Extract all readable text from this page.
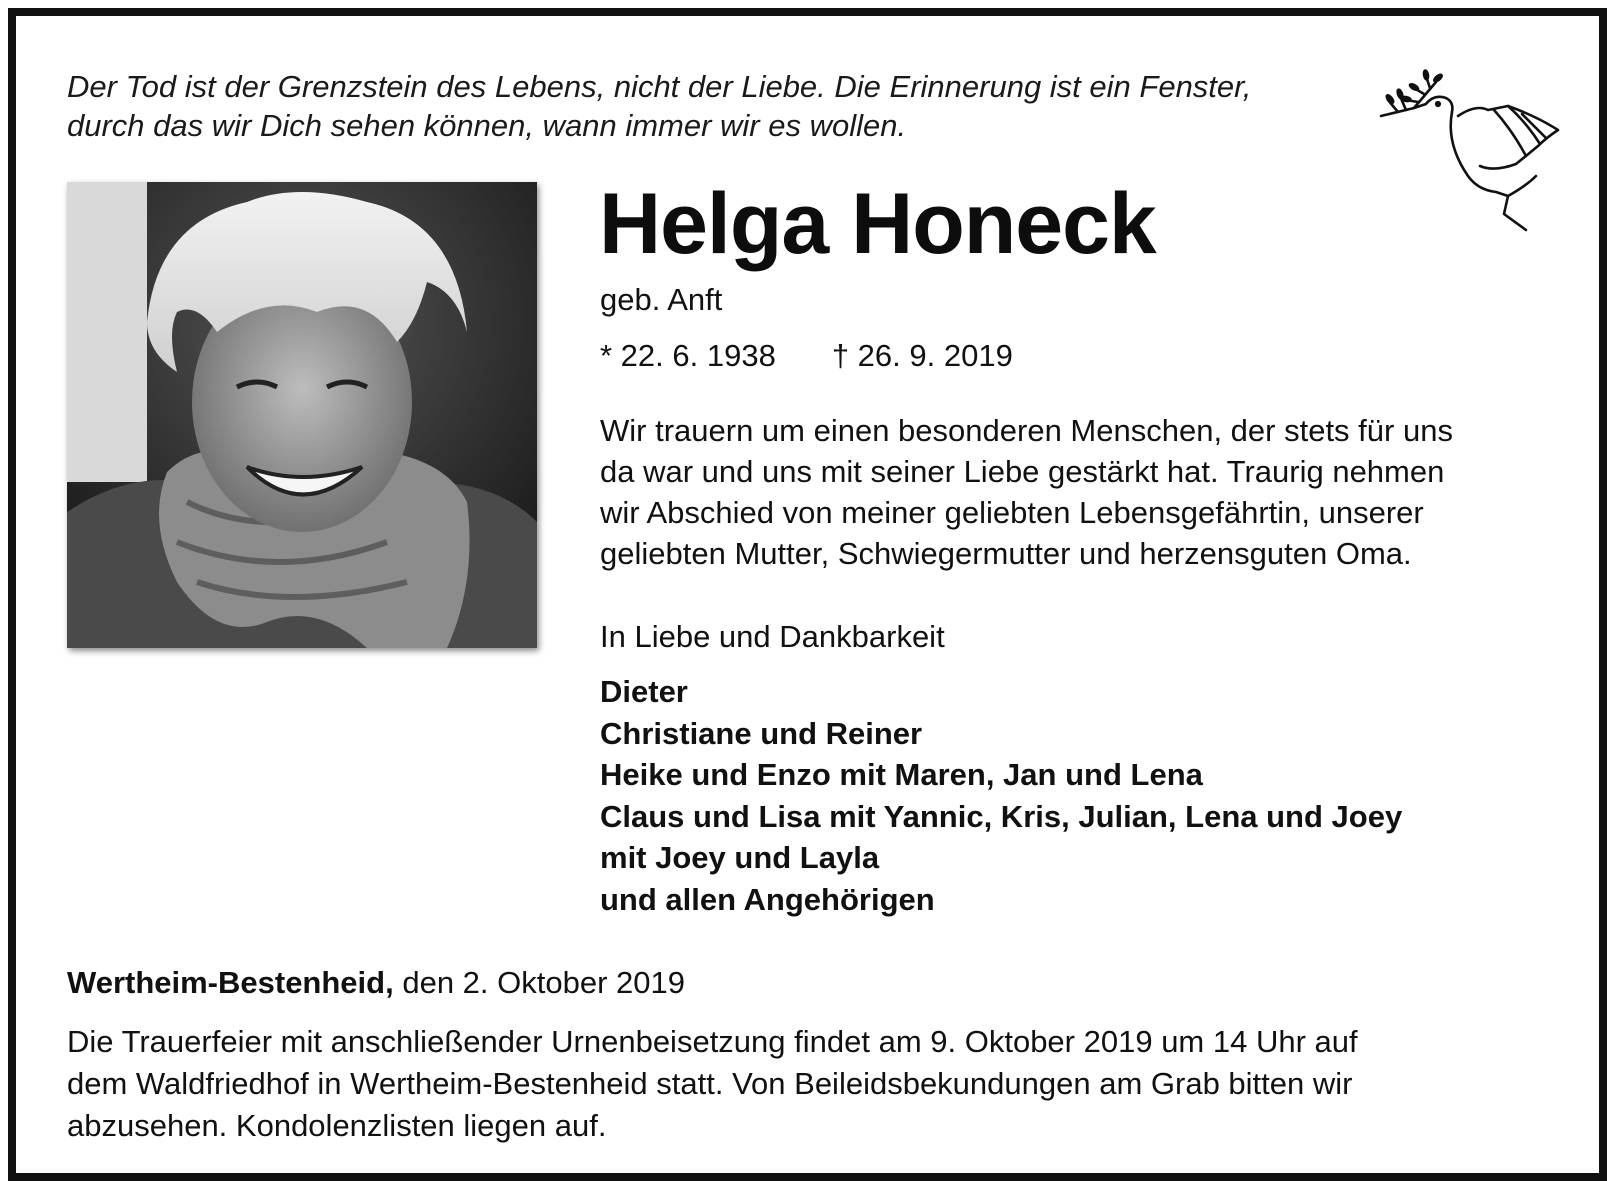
Der Tod ist der Grenzstein des Lebens, nicht der Liebe. Die Erinnerung ist ein Fenster,
durch das wir Dich sehen können, wann immer wir es wollen.
Helga Honeck
geb. Anft
* 22. 6. 1938 † 26. 9. 2019
Wir trauern um einen besonderen Menschen, der stets für uns
da war und uns mit seiner Liebe gestärkt hat. Traurig nehmen
wir Abschied von meiner geliebten Lebensgefährtin, unserer
geliebten Mutter, Schwiegermutter und herzensguten Oma.
In Liebe und Dankbarkeit
Dieter
Christiane und Reiner
Heike und Enzo mit Maren, Jan und Lena
Claus und Lisa mit Yannic, Kris, Julian, Lena und Joey
mit Joey und Layla
und allen Angehörigen
Wertheim-Bestenheid, den 2. Oktober 2019
Die Trauerfeier mit anschließender Urnenbeisetzung findet am 9. Oktober 2019 um 14 Uhr auf
dem Waldfriedhof in Wertheim-Bestenheid statt. Von Beileidsbekundungen am Grab bitten wir
abzusehen. Kondolenzlisten liegen auf.
